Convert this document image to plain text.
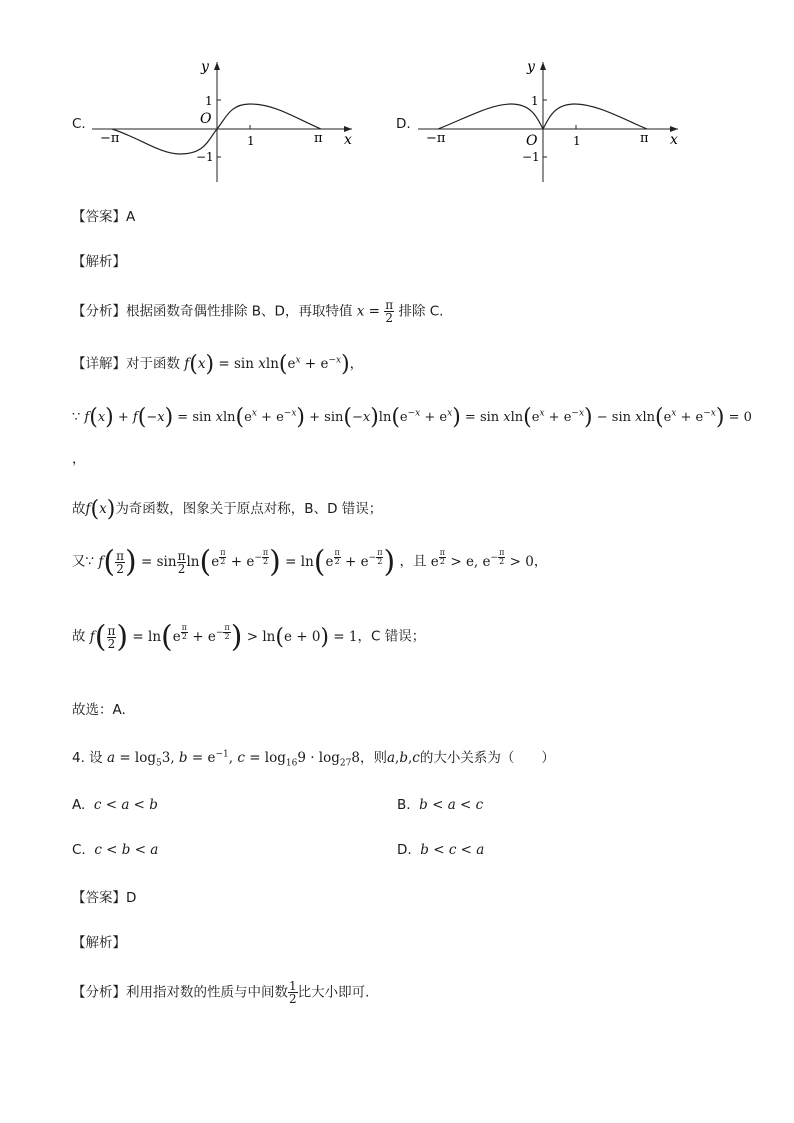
C.
y
x
O
1
−1
1	π
−π
D.
y
x
O
1
−1
1	π
−π
【答案】A
【解析】
【分析】根据函数奇偶性排除 B、D，再取特值 $x = \frac{\pi}{2}$ 排除 C.
【详解】对于函数 $f(x) = \sin xln(e^x + e^{-x})$，
∵ $f(x) + f(-x) = \sin xln(e^x + e^{-x}) + \sin(-x)\ln(e^{-x} + e^x) = \sin xln(e^x + e^{-x}) - \sin xln(e^x + e^{-x}) = 0$
，
故f(x)为奇函数，图象关于原点对称，B、D 错误；
又∵ $f( \frac{\pi}{2}$ ) = $\sin \frac{\pi}{2} \ln(e$ $^{\frac{\pi}{2}} + e^{- \frac{\pi}{2}}$ ) = ln(e $^{\frac{\pi}{2}} + e^{- \frac{\pi}{2}}$ ) ，且 e $^{\frac{\pi}{2}}$ > e, $e^{- \frac{\pi}{2}} > 0$，
故 $f( \frac{\pi}{2}$ ) = ln(e $^{\frac{\pi}{2}} + e^{- \frac{\pi}{2}}$ ) > ln(e + 0) = 1，C 错误；
故选：A.
4. 设 $a = \log_53$, $b = e^{-1}$, $c = \log_{16}9 \cdot \log_{27}8$，则a,b,c的大小关系为（　　）
A. c < a < b	B. b < a < c
C. c < b < a	D. b < c < a
【答案】D
【解析】
【分析】利用指对数的性质与中间数 $\frac{1}{2}$ 比大小即可.
